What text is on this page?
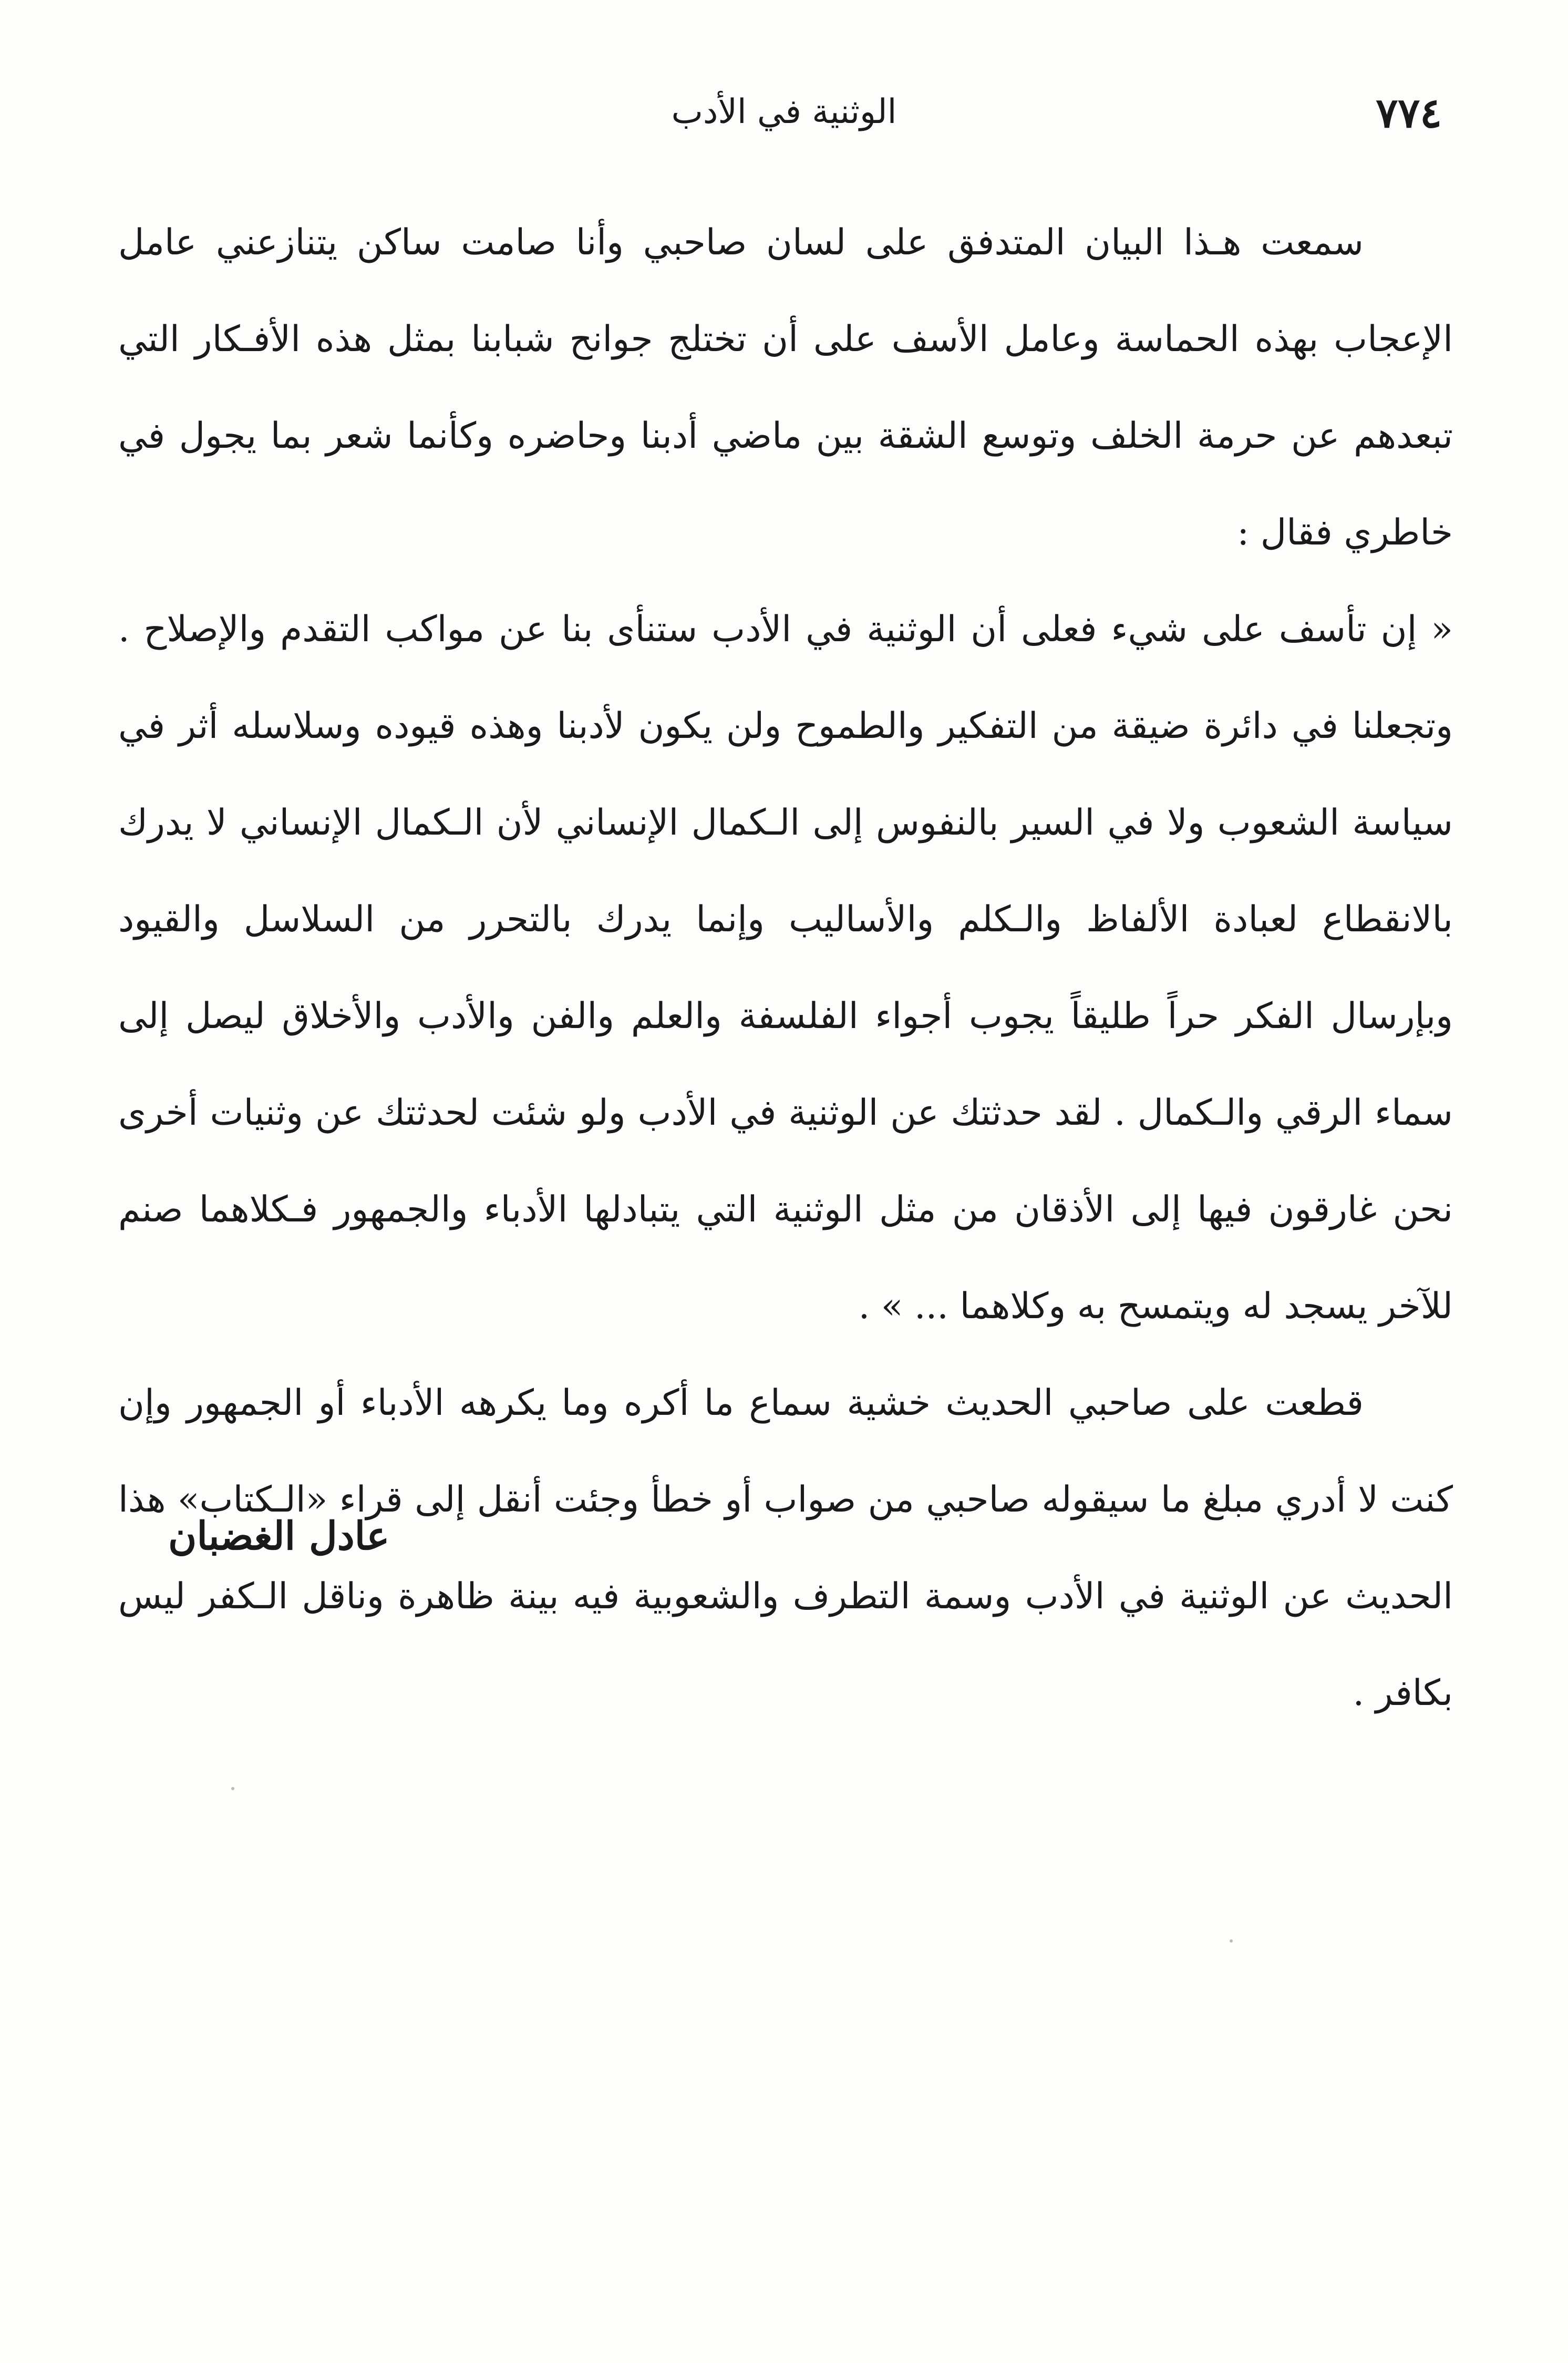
٧٧٤
الوثنية في الأدب

سمعت هـذا البيان المتدفق على لسان صاحبي وأنا صامت ساكن يتنازعني عامل الإعجاب بهذه الحماسة وعامل الأسف على أن تختلج جوانح شبابنا بمثل هذه الأفـكار التي تبعدهم عن حرمة الخلف وتوسع الشقة بين ماضي أدبنا وحاضره وكأنما شعر بما يجول في خاطري فقال :

« إن تأسف على شيء فعلى أن الوثنية في الأدب ستنأى بنا عن مواكب التقدم والإصلاح . وتجعلنا في دائرة ضيقة من التفكير والطموح ولن يكون لأدبنا وهذه قيوده وسلاسله أثر في سياسة الشعوب ولا في السير بالنفوس إلى الـكمال الإنساني لأن الـكمال الإنساني لا يدرك بالانقطاع لعبادة الألفاظ والـكلم والأساليب وإنما يدرك بالتحرر من السلاسل والقيود وبإرسال الفكر حراً طليقاً يجوب أجواء الفلسفة والعلم والفن والأدب والأخلاق ليصل إلى سماء الرقي والـكمال . لقد حدثتك عن الوثنية في الأدب ولو شئت لحدثتك عن وثنيات أخرى نحن غارقون فيها إلى الأذقان من مثل الوثنية التي يتبادلها الأدباء والجمهور فـكلاهما صنم للآخر يسجد له ويتمسح به وكلاهما ... » .

قطعت على صاحبي الحديث خشية سماع ما أكره وما يكرهه الأدباء أو الجمهور وإن كنت لا أدري مبلغ ما سيقوله صاحبي من صواب أو خطأ وجئت أنقل إلى قراء «الـكتاب» هذا الحديث عن الوثنية في الأدب وسمة التطرف والشعوبية فيه بينة ظاهرة وناقل الـكفر ليس بكافر .

عادل الغضبان
